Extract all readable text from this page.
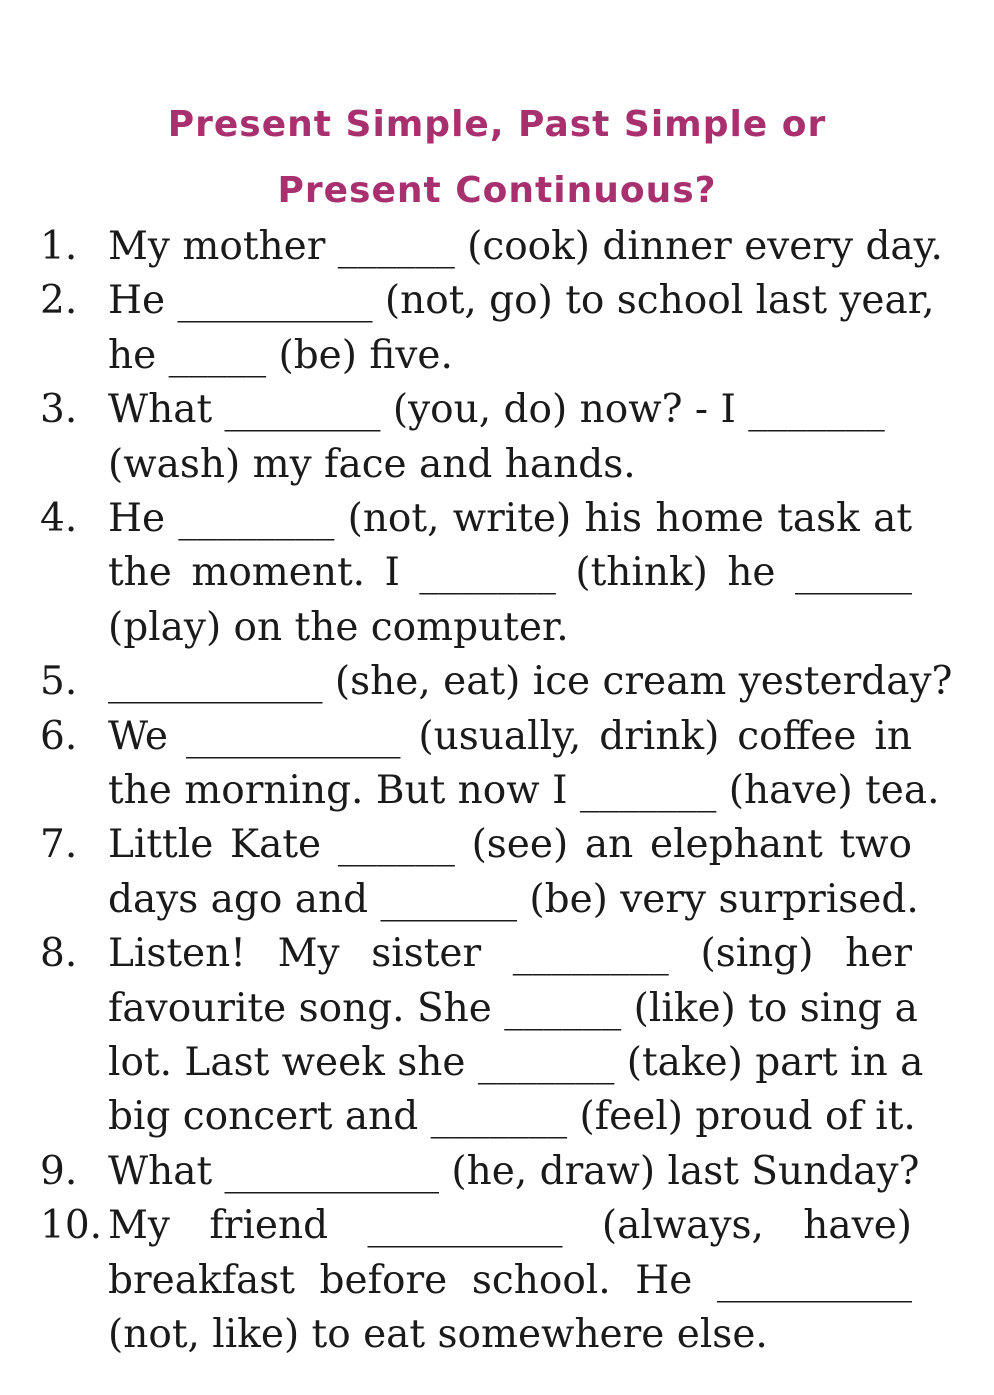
Present Simple, Past Simple or
Present Continuous?
1. My mother ______ (cook) dinner every day.
2. He __________ (not, go) to school last year,
he _____ (be) five.
3. What ________ (you, do) now? - I _______
(wash) my face and hands.
4. He ________ (not, write) his home task at
the moment. I _______ (think) he ______
(play) on the computer.
5. ___________ (she, eat) ice cream yesterday?
6. We ___________ (usually, drink) coffee in
the morning. But now I _______ (have) tea.
7. Little Kate ______ (see) an elephant two
days ago and _______ (be) very surprised.
8. Listen! My sister ________ (sing) her
favourite song. She ______ (like) to sing a
lot. Last week she _______ (take) part in a
big concert and _______ (feel) proud of it.
9. What ___________ (he, draw) last Sunday?
10. My friend __________ (always, have)
breakfast before school. He __________
(not, like) to eat somewhere else.
